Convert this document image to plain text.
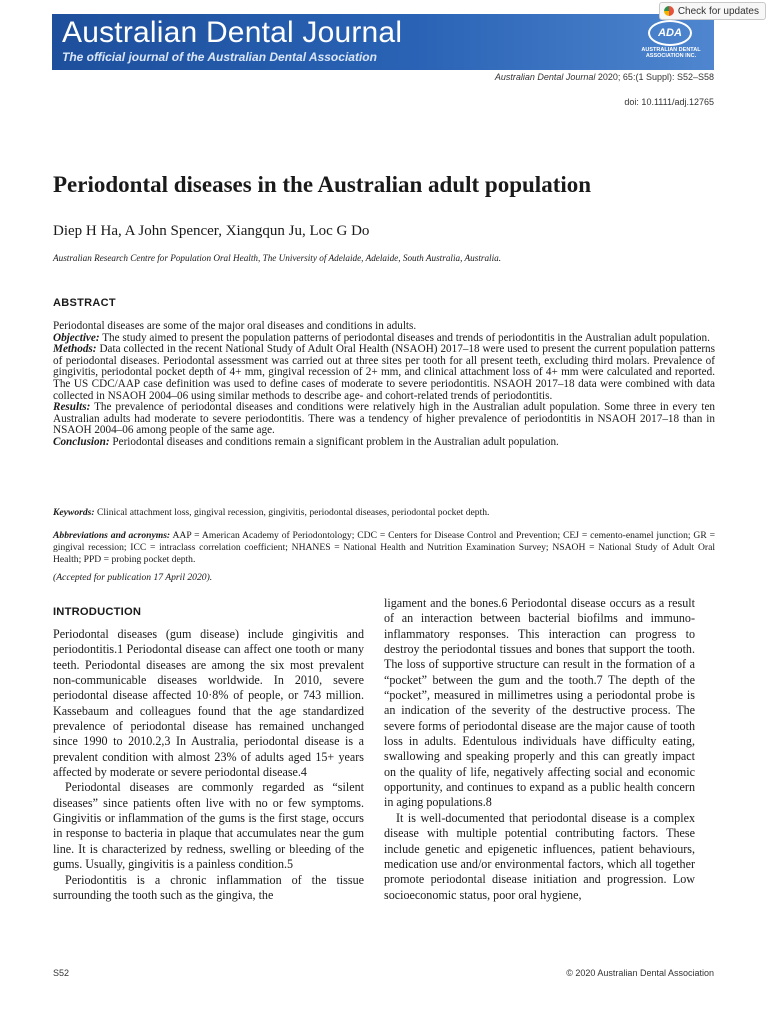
Australian Dental Journal
The official journal of the Australian Dental Association
ADA
AUSTRALIAN DENTAL ASSOCIATION INC.
Check for updates
Australian Dental Journal 2020; 65:(1 Suppl): S52–S58
doi: 10.1111/adj.12765
Periodontal diseases in the Australian adult population
Diep H Ha, A John Spencer, Xiangqun Ju, Loc G Do
Australian Research Centre for Population Oral Health, The University of Adelaide, Adelaide, South Australia, Australia.
ABSTRACT

Periodontal diseases are some of the major oral diseases and conditions in adults.

Objective: The study aimed to present the population patterns of periodontal diseases and trends of periodontitis in the Australian adult population.

Methods: Data collected in the recent National Study of Adult Oral Health (NSAOH) 2017–18 were used to present the current population patterns of periodontal diseases. Periodontal assessment was carried out at three sites per tooth for all present teeth, excluding third molars. Prevalence of gingivitis, periodontal pocket depth of 4+ mm, gingival recession of 2+ mm, and clinical attachment loss of 4+ mm were calculated and reported. The US CDC/AAP case definition was used to define cases of moderate to severe periodontitis. NSAOH 2017–18 data were combined with data collected in NSAOH 2004–06 using similar methods to describe age- and cohort-related trends of periodontitis.

Results: The prevalence of periodontal diseases and conditions were relatively high in the Australian adult population. Some three in every ten Australian adults had moderate to severe periodontitis. There was a tendency of higher prevalence of periodontitis in NSAOH 2017–18 than in NSAOH 2004–06 among people of the same age.

Conclusion: Periodontal diseases and conditions remain a significant problem in the Australian adult population.

Keywords: Clinical attachment loss, gingival recession, gingivitis, periodontal diseases, periodontal pocket depth.
Abbreviations and acronyms: AAP = American Academy of Periodontology; CDC = Centers for Disease Control and Prevention; CEJ = cemento-enamel junction; GR = gingival recession; ICC = intraclass correlation coefficient; NHANES = National Health and Nutrition Examination Survey; NSAOH = National Study of Adult Oral Health; PPD = probing pocket depth.
(Accepted for publication 17 April 2020).
INTRODUCTION

Periodontal diseases (gum disease) include gingivitis and periodontitis.1 Periodontal disease can affect one tooth or many teeth. Periodontal diseases are among the six most prevalent non-communicable diseases worldwide. In 2010, severe periodontal disease affected 10·8% of people, or 743 million. Kassebaum and colleagues found that the age standardized prevalence of periodontal disease has remained unchanged since 1990 to 2010.2,3 In Australia, periodontal disease is a prevalent condition with almost 23% of adults aged 15+ years affected by moderate or severe periodontal disease.4

Periodontal diseases are commonly regarded as “silent diseases” since patients often live with no or few symptoms. Gingivitis or inflammation of the gums is the first stage, occurs in response to bacteria in plaque that accumulates near the gum line. It is characterized by redness, swelling or bleeding of the gums. Usually, gingivitis is a painless condition.5

Periodontitis is a chronic inflammation of the tissue surrounding the tooth such as the gingiva, the

ligament and the bones.6 Periodontal disease occurs as a result of an interaction between bacterial biofilms and immuno-inflammatory responses. This interaction can progress to destroy the periodontal tissues and bones that support the tooth. The loss of supportive structure can result in the formation of a “pocket” between the gum and the tooth.7 The depth of the “pocket”, measured in millimetres using a periodontal probe is an indication of the severity of the destructive process. The severe forms of periodontal disease are the major cause of tooth loss in adults. Edentulous individuals have difficulty eating, swallowing and speaking properly and this can greatly impact on the quality of life, negatively affecting social and economic opportunity, and continues to expand as a public health concern in aging populations.8

It is well-documented that periodontal disease is a complex disease with multiple potential contributing factors. These include genetic and epigenetic influences, patient behaviours, medication use and/or environmental factors, which all together promote periodontal disease initiation and progression. Low socioeconomic status, poor oral hygiene,

S52	© 2020 Australian Dental Association
